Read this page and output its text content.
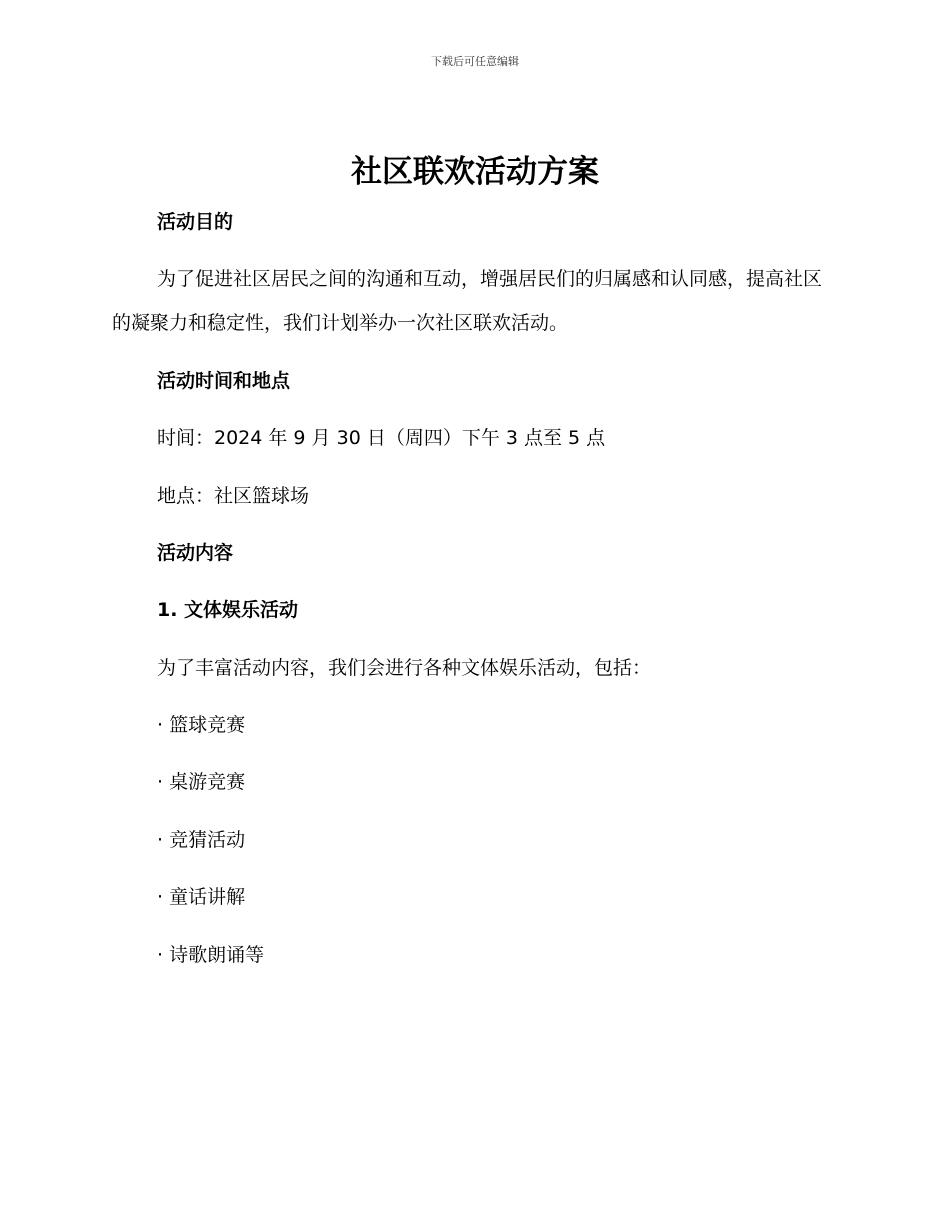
下载后可任意编辑
社区联欢活动方案

活动目的

为了促进社区居民之间的沟通和互动，增强居民们的归属感和认同感，提高社区的凝聚力和稳定性，我们计划举办一次社区联欢活动。

活动时间和地点

时间：2024 年 9 月 30 日（周四）下午 3 点至 5 点

地点：社区篮球场

活动内容

1. 文体娱乐活动

为了丰富活动内容，我们会进行各种文体娱乐活动，包括：

· 篮球竞赛

· 桌游竞赛

· 竞猜活动

· 童话讲解

· 诗歌朗诵等
